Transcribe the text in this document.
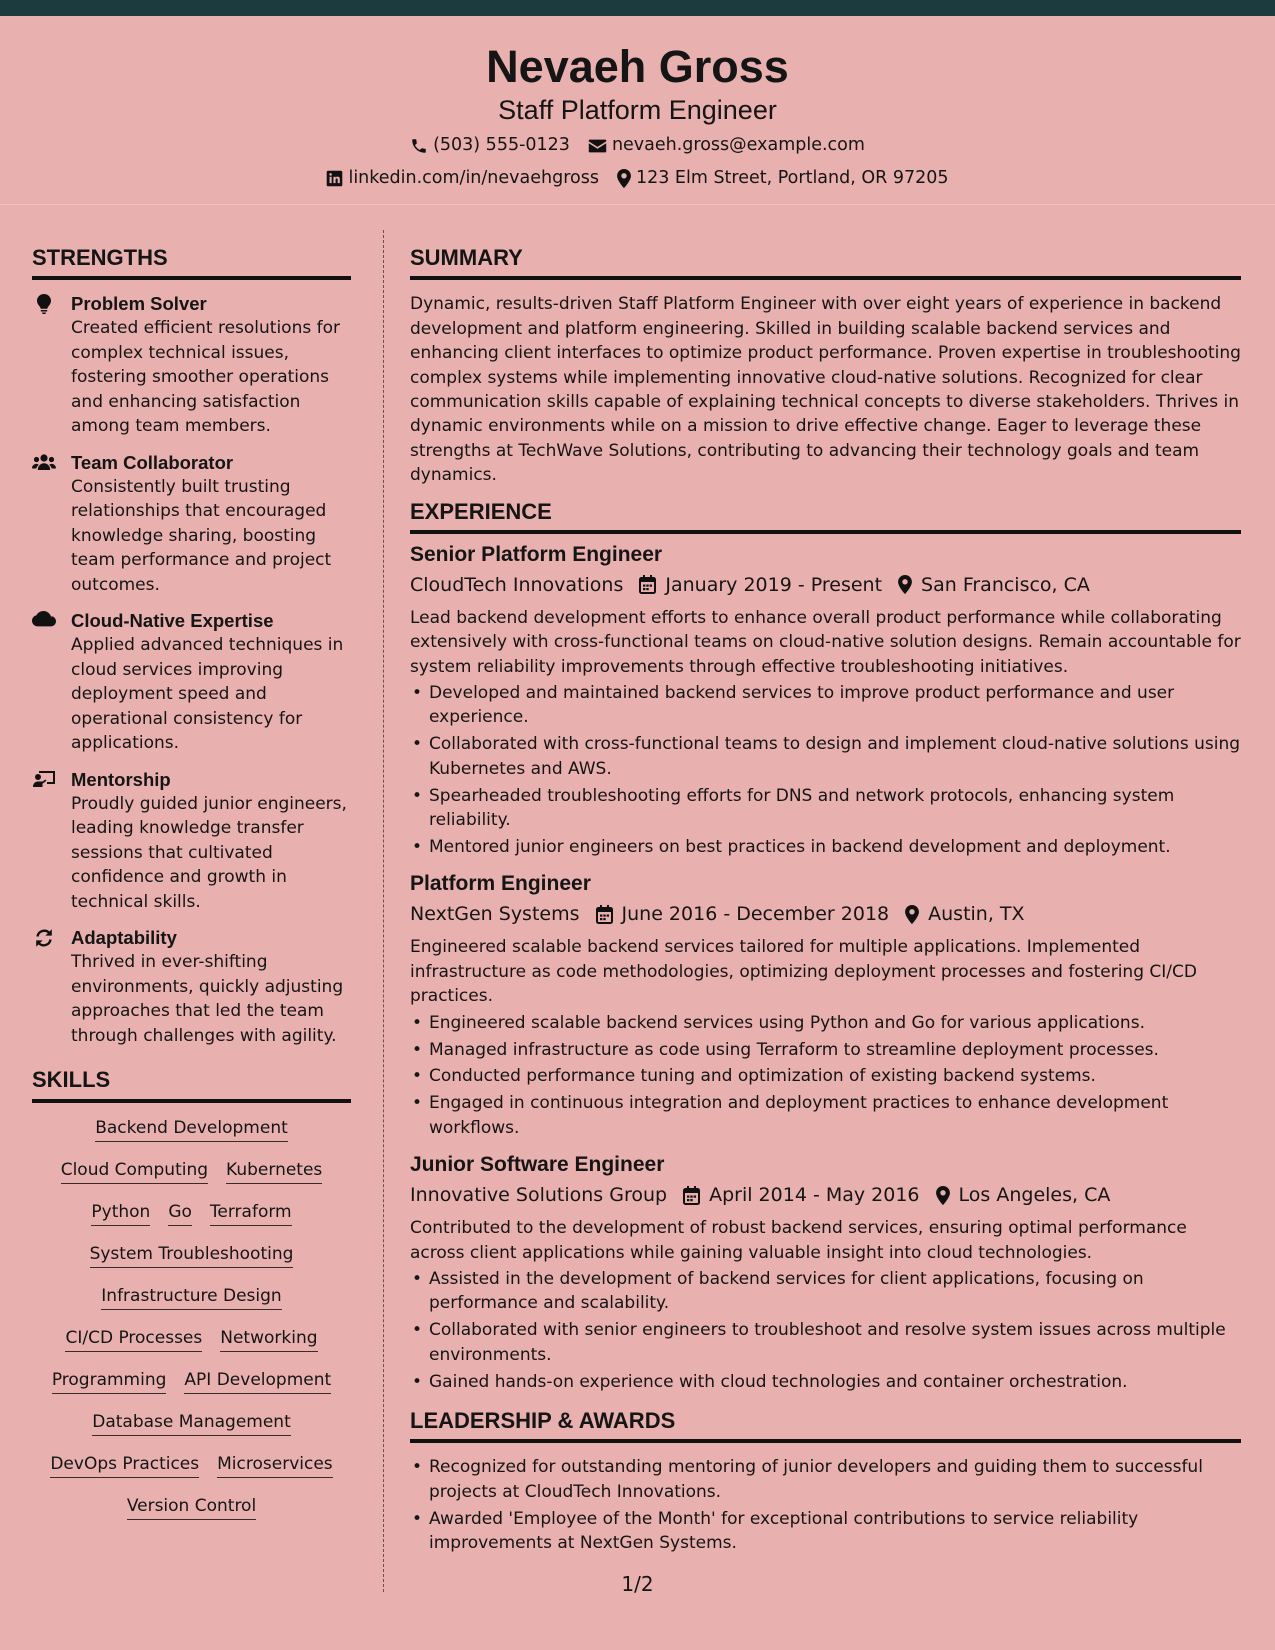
Nevaeh Gross
Staff Platform Engineer
(503) 555-0123 nevaeh.gross@example.com
linkedin.com/in/nevaehgross 123 Elm Street, Portland, OR 97205
STRENGTHS
Problem Solver
Created efficient resolutions for complex technical issues, fostering smoother operations and enhancing satisfaction among team members.
Team Collaborator
Consistently built trusting relationships that encouraged knowledge sharing, boosting team performance and project outcomes.
Cloud-Native Expertise
Applied advanced techniques in cloud services improving deployment speed and operational consistency for applications.
Mentorship
Proudly guided junior engineers, leading knowledge transfer sessions that cultivated confidence and growth in technical skills.
Adaptability
Thrived in ever-shifting environments, quickly adjusting approaches that led the team through challenges with agility.
SKILLS
Backend Development
Cloud Computing Kubernetes
Python Go Terraform
System Troubleshooting
Infrastructure Design
CI/CD Processes Networking
Programming API Development
Database Management
DevOps Practices Microservices
Version Control
SUMMARY

Dynamic, results-driven Staff Platform Engineer with over eight years of experience in backend development and platform engineering. Skilled in building scalable backend services and enhancing client interfaces to optimize product performance. Proven expertise in troubleshooting complex systems while implementing innovative cloud-native solutions. Recognized for clear communication skills capable of explaining technical concepts to diverse stakeholders. Thrives in dynamic environments while on a mission to drive effective change. Eager to leverage these strengths at TechWave Solutions, contributing to advancing their technology goals and team dynamics.

EXPERIENCE
Senior Platform Engineer
CloudTech Innovations January 2019 - Present San Francisco, CA

Lead backend development efforts to enhance overall product performance while collaborating extensively with cross-functional teams on cloud-native solution designs. Remain accountable for system reliability improvements through effective troubleshooting initiatives.

• Developed and maintained backend services to improve product performance and user experience.
• Collaborated with cross-functional teams to design and implement cloud-native solutions using Kubernetes and AWS.
• Spearheaded troubleshooting efforts for DNS and network protocols, enhancing system reliability.
• Mentored junior engineers on best practices in backend development and deployment.
Platform Engineer
NextGen Systems June 2016 - December 2018 Austin, TX

Engineered scalable backend services tailored for multiple applications. Implemented infrastructure as code methodologies, optimizing deployment processes and fostering CI/CD practices.

• Engineered scalable backend services using Python and Go for various applications.
• Managed infrastructure as code using Terraform to streamline deployment processes.
• Conducted performance tuning and optimization of existing backend systems.
• Engaged in continuous integration and deployment practices to enhance development workflows.
Junior Software Engineer
Innovative Solutions Group April 2014 - May 2016 Los Angeles, CA

Contributed to the development of robust backend services, ensuring optimal performance across client applications while gaining valuable insight into cloud technologies.

• Assisted in the development of backend services for client applications, focusing on performance and scalability.
• Collaborated with senior engineers to troubleshoot and resolve system issues across multiple environments.
• Gained hands-on experience with cloud technologies and container orchestration.
LEADERSHIP & AWARDS
• Recognized for outstanding mentoring of junior developers and guiding them to successful projects at CloudTech Innovations.
• Awarded 'Employee of the Month' for exceptional contributions to service reliability improvements at NextGen Systems.
1/2
